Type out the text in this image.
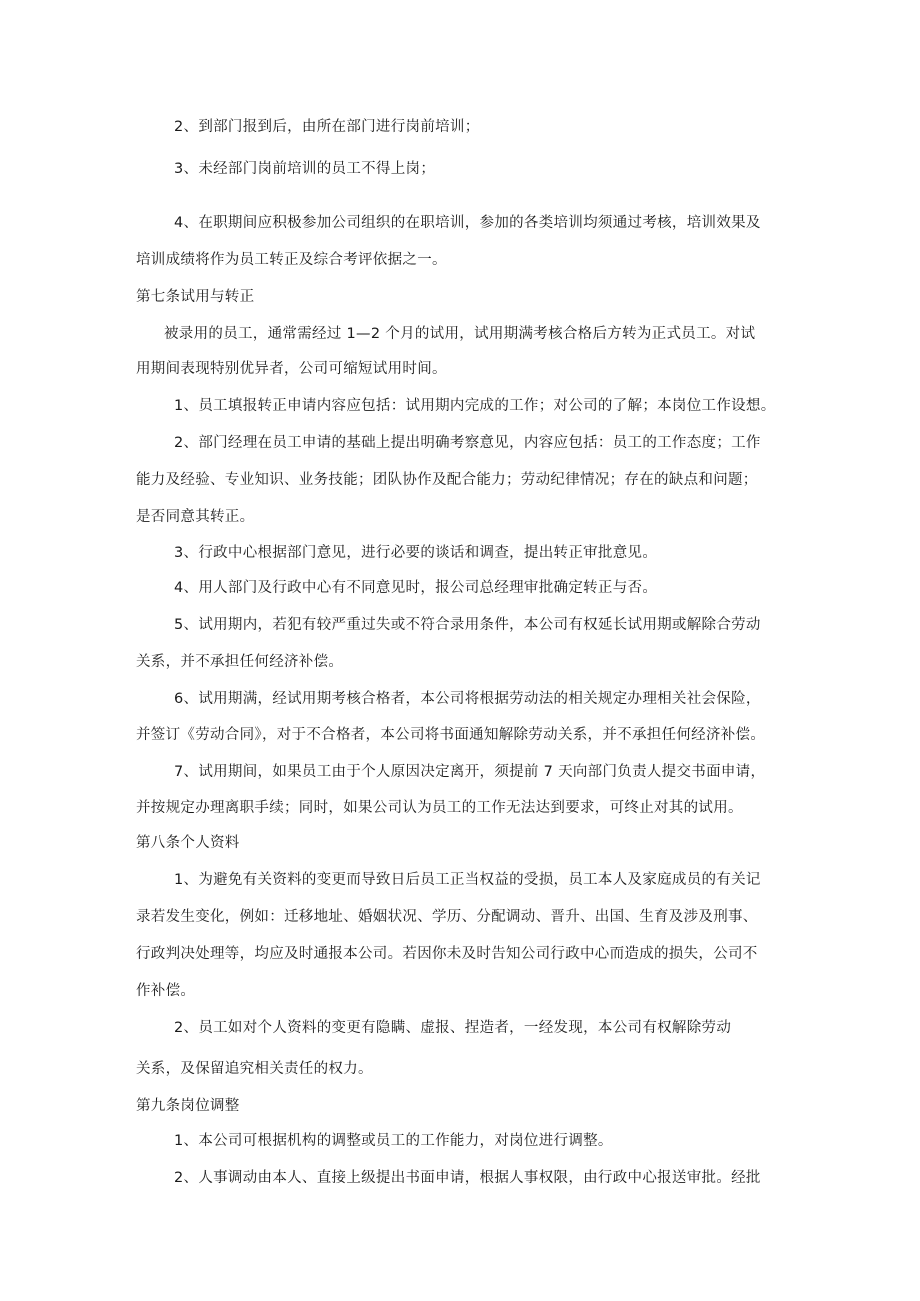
2、到部门报到后，由所在部门进行岗前培训；
3、未经部门岗前培训的员工不得上岗；
4、在职期间应积极参加公司组织的在职培训，参加的各类培训均须通过考核，培训效果及
培训成绩将作为员工转正及综合考评依据之一。
第七条试用与转正
被录用的员工，通常需经过 1—2 个月的试用，试用期满考核合格后方转为正式员工。对试
用期间表现特别优异者，公司可缩短试用时间。
1、员工填报转正申请内容应包括：试用期内完成的工作；对公司的了解；本岗位工作设想。
2、部门经理在员工申请的基础上提出明确考察意见，内容应包括：员工的工作态度；工作
能力及经验、专业知识、业务技能；团队协作及配合能力；劳动纪律情况；存在的缺点和问题；
是否同意其转正。
3、行政中心根据部门意见，进行必要的谈话和调查，提出转正审批意见。
4、用人部门及行政中心有不同意见时，报公司总经理审批确定转正与否。
5、试用期内，若犯有较严重过失或不符合录用条件，本公司有权延长试用期或解除合劳动
关系，并不承担任何经济补偿。
6、试用期满，经试用期考核合格者，本公司将根据劳动法的相关规定办理相关社会保险，
并签订《劳动合同》，对于不合格者，本公司将书面通知解除劳动关系，并不承担任何经济补偿。
7、试用期间，如果员工由于个人原因决定离开，须提前 7 天向部门负责人提交书面申请，
并按规定办理离职手续；同时，如果公司认为员工的工作无法达到要求，可终止对其的试用。
第八条个人资料
1、为避免有关资料的变更而导致日后员工正当权益的受损，员工本人及家庭成员的有关记
录若发生变化，例如：迁移地址、婚姻状况、学历、分配调动、晋升、出国、生育及涉及刑事、
行政判决处理等，均应及时通报本公司。若因你未及时告知公司行政中心而造成的损失，公司不
作补偿。
2、员工如对个人资料的变更有隐瞒、虚报、捏造者，一经发现，本公司有权解除劳动
关系，及保留追究相关责任的权力。
第九条岗位调整
1、本公司可根据机构的调整或员工的工作能力，对岗位进行调整。
2、人事调动由本人、直接上级提出书面申请，根据人事权限，由行政中心报送审批。经批
